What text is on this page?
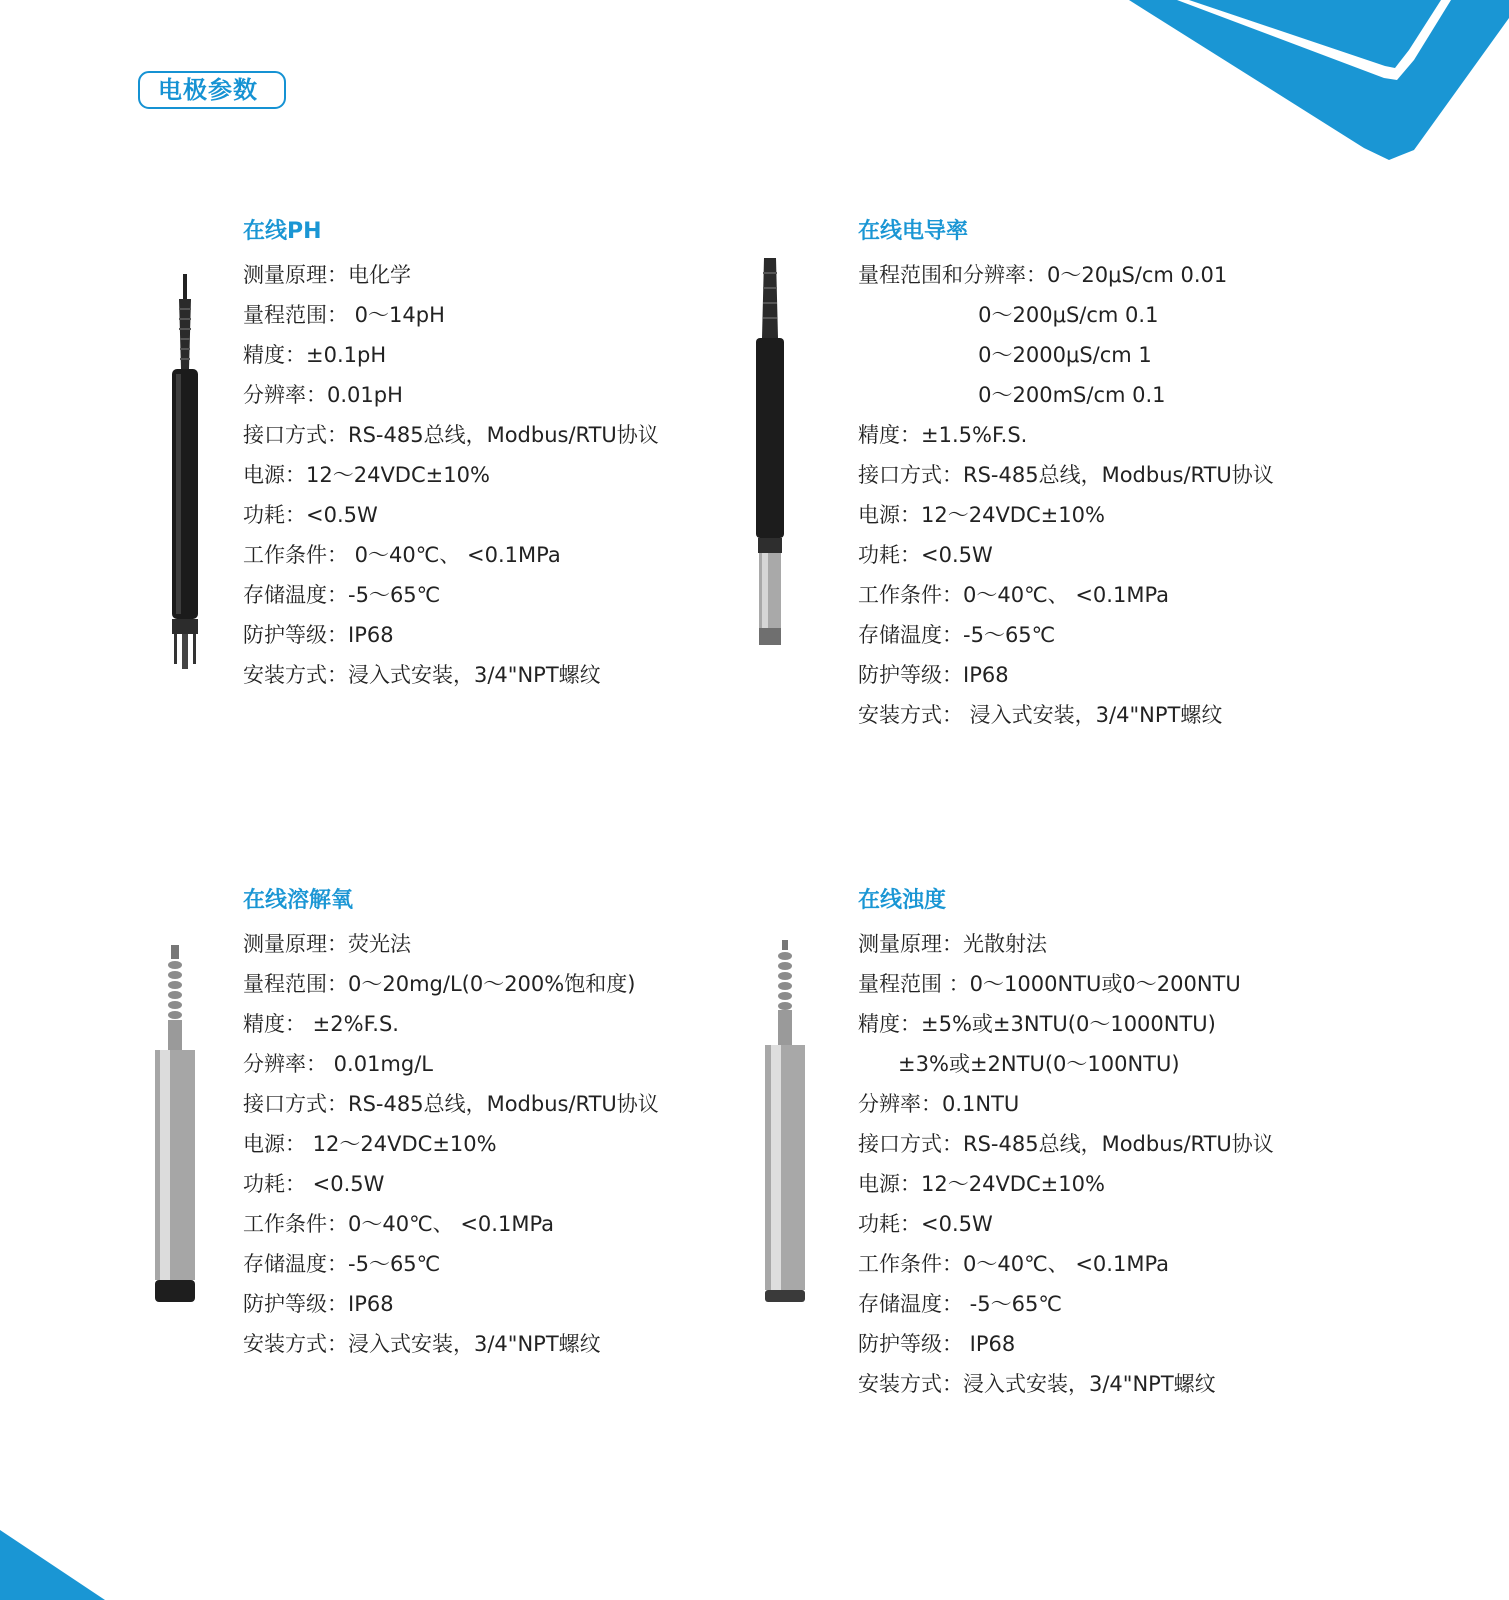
电极参数
在线PH
测量原理：电化学
量程范围： 0～14pH
精度：±0.1pH
分辨率：0.01pH
接口方式：RS-485总线，Modbus/RTU协议
电源：12～24VDC±10%
功耗：<0.5W
工作条件： 0～40℃、 <0.1MPa
存储温度：-5～65℃
防护等级：IP68
安装方式：浸入式安装，3/4"NPT螺纹
在线电导率
量程范围和分辨率：0～20μS/cm 0.01
0～200μS/cm 0.1
0～2000μS/cm 1
0～200mS/cm 0.1
精度：±1.5%F.S.
接口方式：RS-485总线，Modbus/RTU协议
电源：12～24VDC±10%
功耗：<0.5W
工作条件：0～40℃、 <0.1MPa
存储温度：-5～65℃
防护等级：IP68
安装方式： 浸入式安装，3/4"NPT螺纹
在线溶解氧
测量原理：荧光法
量程范围：0～20mg/L(0～200%饱和度)
精度： ±2%F.S.
分辨率： 0.01mg/L
接口方式：RS-485总线，Modbus/RTU协议
电源： 12～24VDC±10%
功耗： <0.5W
工作条件：0～40℃、 <0.1MPa
存储温度：-5～65℃
防护等级：IP68
安装方式：浸入式安装，3/4"NPT螺纹
在线浊度
测量原理：光散射法
量程范围 ：0～1000NTU或0～200NTU
精度：±5%或±3NTU(0～1000NTU)
±3%或±2NTU(0～100NTU)
分辨率：0.1NTU
接口方式：RS-485总线，Modbus/RTU协议
电源：12～24VDC±10%
功耗：<0.5W
工作条件：0～40℃、 <0.1MPa
存储温度： -5～65℃
防护等级： IP68
安装方式：浸入式安装，3/4"NPT螺纹
